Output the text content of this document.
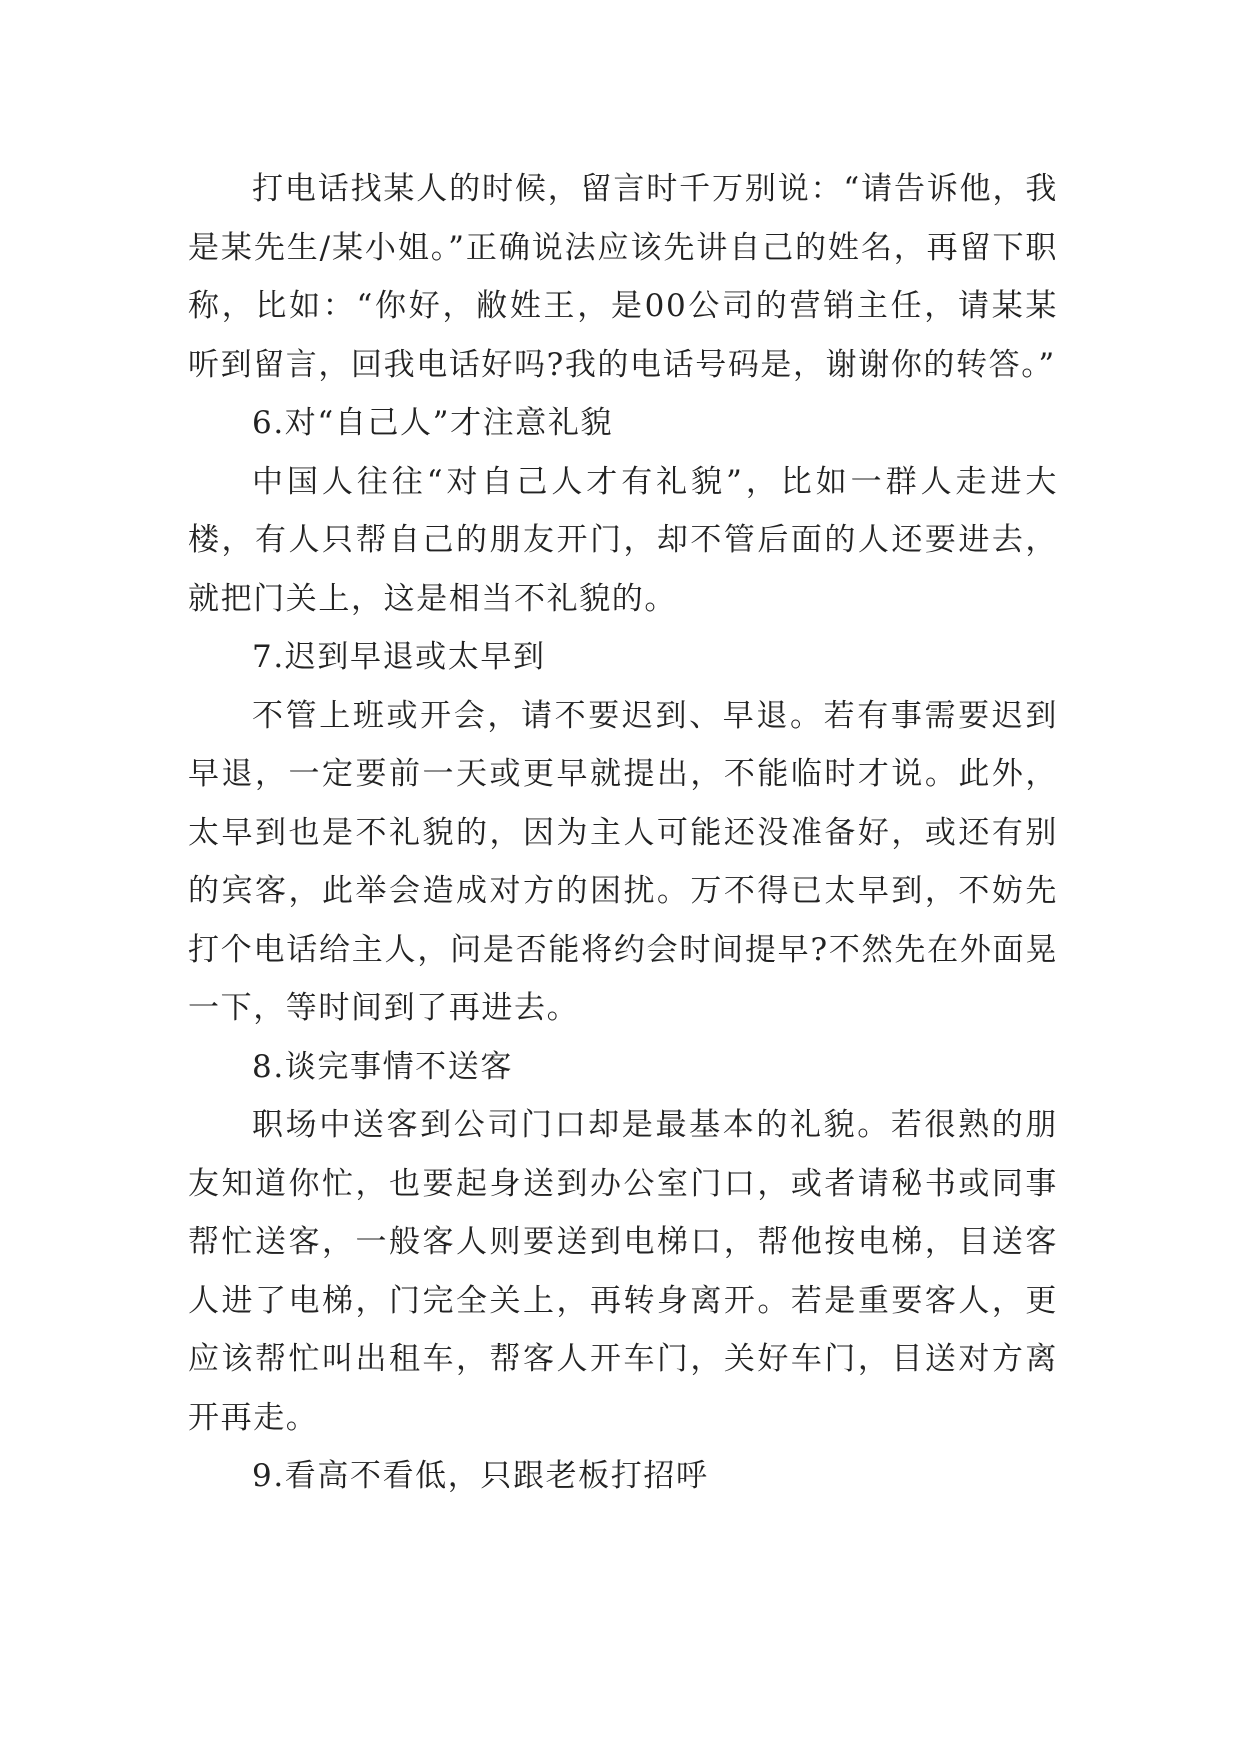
打电话找某人的时候，留言时千万别说：“请告诉他，我是某先生/某小姐。”正确说法应该先讲自己的姓名，再留下职称，比如：“你好，敝姓王，是00公司的营销主任，请某某听到留言，回我电话好吗?我的电话号码是，谢谢你的转答。”

6.对“自己人”才注意礼貌

中国人往往“对自己人才有礼貌”，比如一群人走进大楼，有人只帮自己的朋友开门，却不管后面的人还要进去，就把门关上，这是相当不礼貌的。

7.迟到早退或太早到

不管上班或开会，请不要迟到、早退。若有事需要迟到早退，一定要前一天或更早就提出，不能临时才说。此外，太早到也是不礼貌的，因为主人可能还没准备好，或还有别的宾客，此举会造成对方的困扰。万不得已太早到，不妨先打个电话给主人，问是否能将约会时间提早?不然先在外面晃一下，等时间到了再进去。

8.谈完事情不送客

职场中送客到公司门口却是最基本的礼貌。若很熟的朋友知道你忙，也要起身送到办公室门口，或者请秘书或同事帮忙送客，一般客人则要送到电梯口，帮他按电梯，目送客人进了电梯，门完全关上，再转身离开。若是重要客人，更应该帮忙叫出租车，帮客人开车门，关好车门，目送对方离开再走。

9.看高不看低，只跟老板打招呼
